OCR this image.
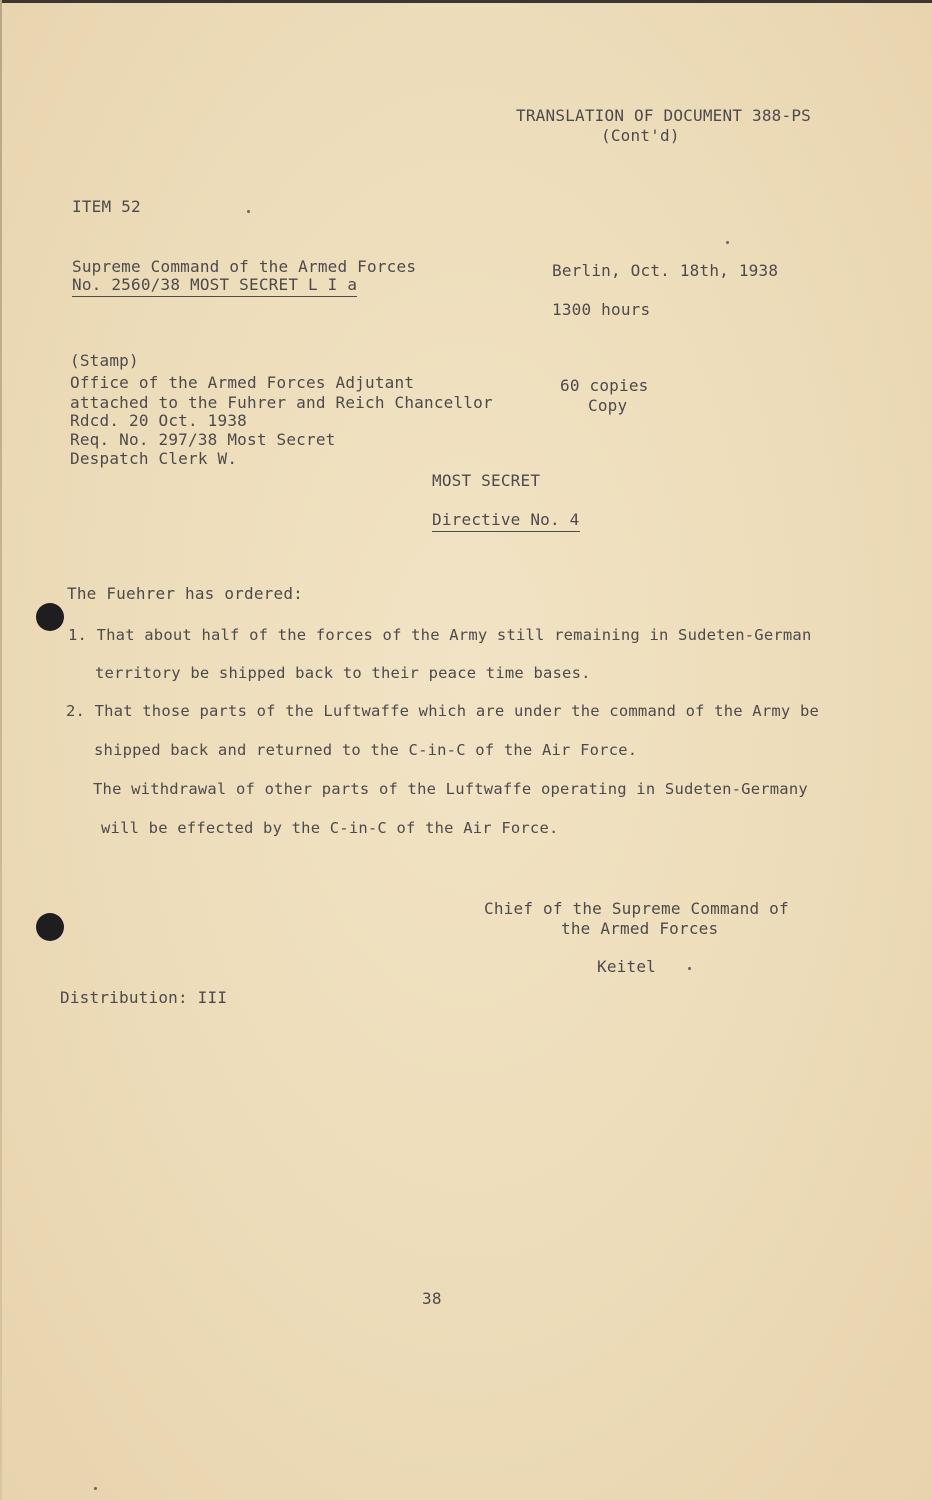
TRANSLATION OF DOCUMENT 388-PS
(Cont'd)
ITEM 52
Supreme Command of the Armed Forces
No. 2560/38 MOST SECRET L I a
Berlin, Oct. 18th, 1938
1300 hours
(Stamp)
Office of the Armed Forces Adjutant
attached to the Fuhrer and Reich Chancellor
Rdcd. 20 Oct. 1938
Req. No. 297/38 Most Secret
Despatch Clerk W.
60 copies
Copy
MOST SECRET
Directive No. 4
The Fuehrer has ordered:
1. That about half of the forces of the Army still remaining in Sudeten-German
territory be shipped back to their peace time bases.
2. That those parts of the Luftwaffe which are under the command of the Army be
shipped back and returned to the C-in-C of the Air Force.
The withdrawal of other parts of the Luftwaffe operating in Sudeten-Germany
will be effected by the C-in-C of the Air Force.
Chief of the Supreme Command of
the Armed Forces
Keitel
Distribution: III
38
